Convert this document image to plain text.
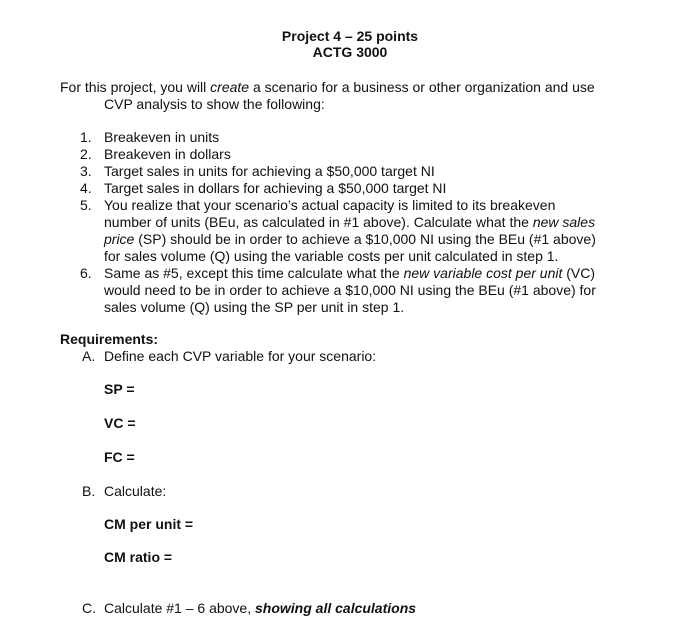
Project 4 – 25 points
ACTG 3000
For this project, you will create a scenario for a business or other organization and use
CVP analysis to show the following:
1. Breakeven in units
2. Breakeven in dollars
3. Target sales in units for achieving a $50,000 target NI
4. Target sales in dollars for achieving a $50,000 target NI
5. You realize that your scenario’s actual capacity is limited to its breakeven
number of units (BEu, as calculated in #1 above). Calculate what the new sales
price (SP) should be in order to achieve a $10,000 NI using the BEu (#1 above)
for sales volume (Q) using the variable costs per unit calculated in step 1.
6. Same as #5, except this time calculate what the new variable cost per unit (VC)
would need to be in order to achieve a $10,000 NI using the BEu (#1 above) for
sales volume (Q) using the SP per unit in step 1.
Requirements:
A. Define each CVP variable for your scenario:
SP =
VC =
FC =
B. Calculate:
CM per unit =
CM ratio =
C. Calculate #1 – 6 above, showing all calculations
